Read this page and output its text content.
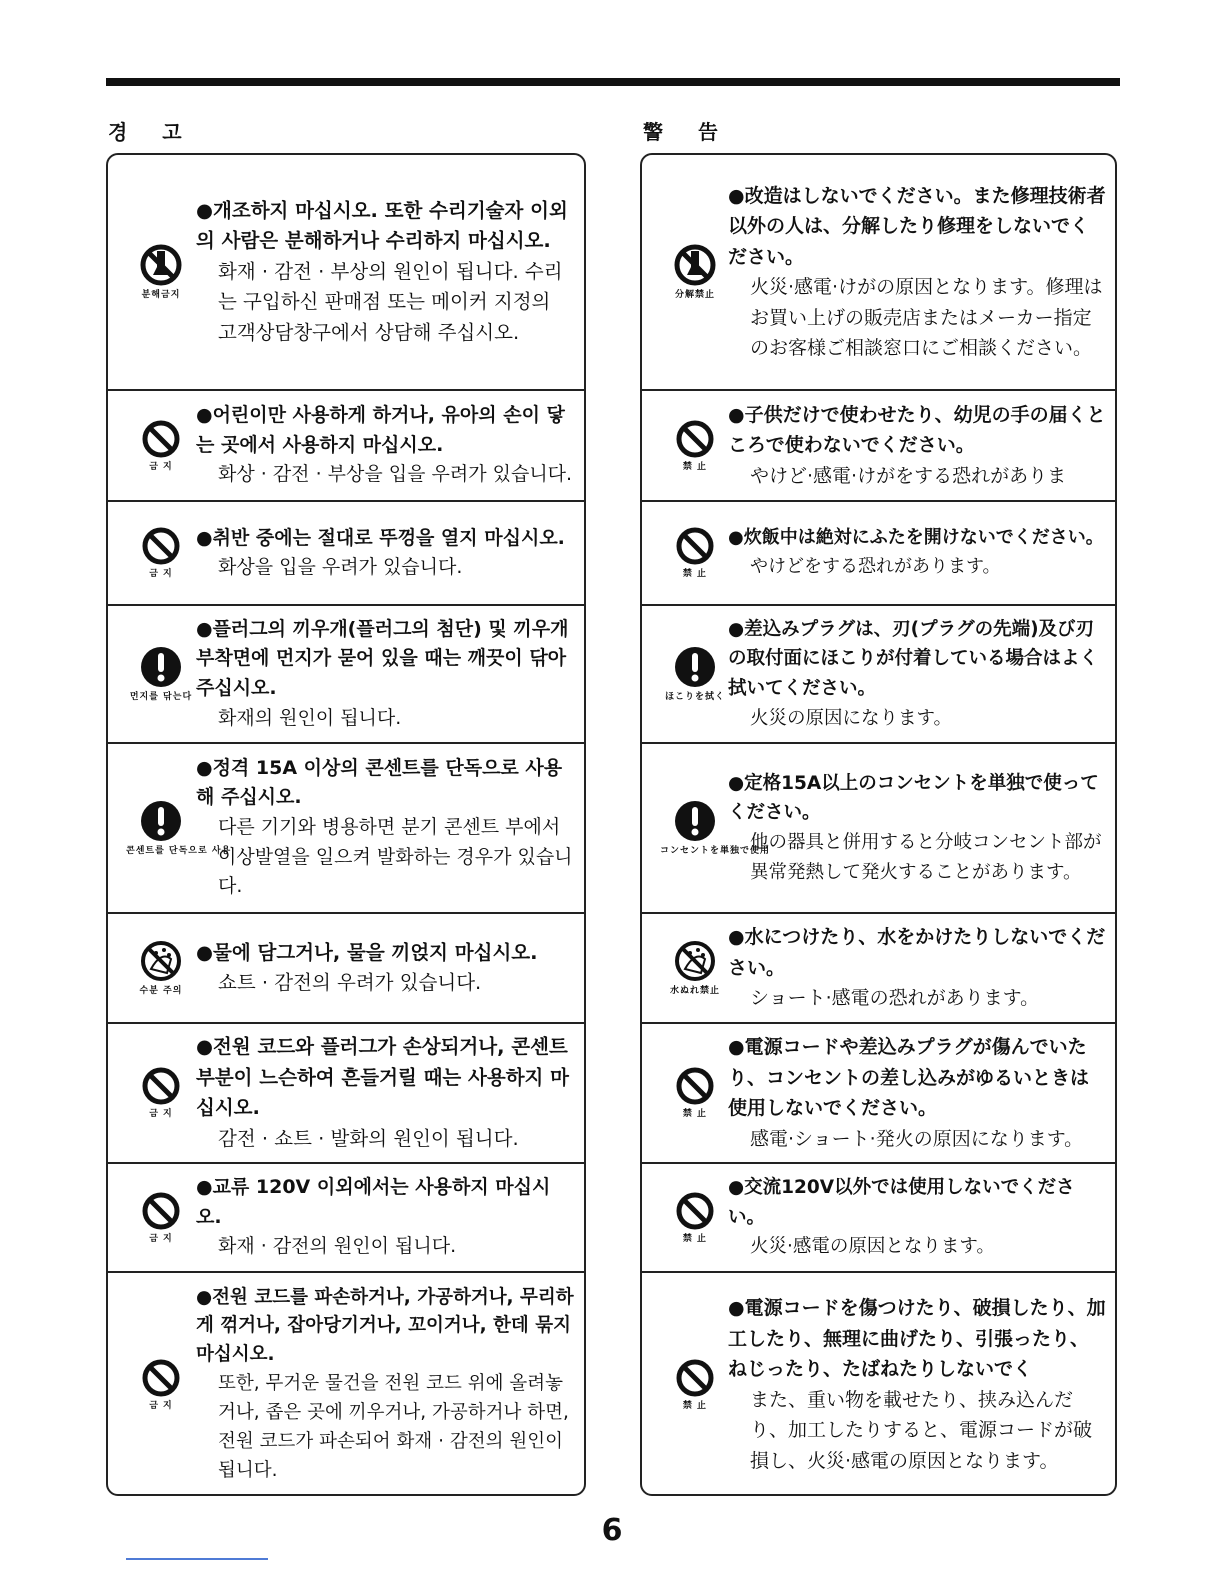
경 고	警 告
분해금지
●개조하지 마십시오. 또한 수리기술자 이외의 사람은 분해하거나 수리하지 마십시오.
화재 · 감전 · 부상의 원인이 됩니다. 수리는 구입하신 판매점 또는 메이커 지정의 고객상담창구에서 상담해 주십시오.
금 지
●어린이만 사용하게 하거나, 유아의 손이 닿는 곳에서 사용하지 마십시오.
화상 · 감전 · 부상을 입을 우려가 있습니다.
금 지
●취반 중에는 절대로 뚜껑을 열지 마십시오.
화상을 입을 우려가 있습니다.
먼지를 닦는다
●플러그의 끼우개(플러그의 첨단) 및 끼우개 부착면에 먼지가 묻어 있을 때는 깨끗이 닦아 주십시오.
화재의 원인이 됩니다.
콘센트를 단독으로 사용
●정격 15A 이상의 콘센트를 단독으로 사용해 주십시오.
다른 기기와 병용하면 분기 콘센트 부에서 이상발열을 일으켜 발화하는 경우가 있습니다.
수분 주의
●물에 담그거나, 물을 끼얹지 마십시오.
쇼트 · 감전의 우려가 있습니다.
금 지
●전원 코드와 플러그가 손상되거나, 콘센트 부분이 느슨하여 흔들거릴 때는 사용하지 마십시오.
감전 · 쇼트 · 발화의 원인이 됩니다.
금 지
●교류 120V 이외에서는 사용하지 마십시오.
화재 · 감전의 원인이 됩니다.
금 지
●전원 코드를 파손하거나, 가공하거나, 무리하게 꺾거나, 잡아당기거나, 꼬이거나, 한데 묶지 마십시오.
또한, 무거운 물건을 전원 코드 위에 올려놓거나, 좁은 곳에 끼우거나, 가공하거나 하면, 전원 코드가 파손되어 화재 · 감전의 원인이 됩니다.
分解禁止
●改造はしないでください。また修理技術者以外の人は、分解したり修理をしないでください。
火災·感電·けがの原因となります。修理はお買い上げの販売店またはメーカー指定のお客様ご相談窓口にご相談ください。
禁 止
●子供だけで使わせたり、幼児の手の届くところで使わないでください。
やけど·感電·けがをする恐れがありま
禁 止
●炊飯中は絶対にふたを開けないでください。
やけどをする恐れがあります。
ほこりを拭く
●差込みプラグは、刃(プラグの先端)及び刃の取付面にほこりが付着している場合はよく拭いてください。
火災の原因になります。
コンセントを単独で使用
●定格15A以上のコンセントを単独で使ってください。
他の器具と併用すると分岐コンセント部が異常発熱して発火することがあります。
水ぬれ禁止
●水につけたり、水をかけたりしないでください。
ショート·感電の恐れがあります。
禁 止
●電源コードや差込みプラグが傷んでいたり、コンセントの差し込みがゆるいときは使用しないでください。
感電·ショート·発火の原因になります。
禁 止
●交流120V以外では使用しないでください。
火災·感電の原因となります。
禁 止
●電源コードを傷つけたり、破損したり、加工したり、無理に曲げたり、引張ったり、ねじったり、たばねたりしないでく
また、重い物を載せたり、挟み込んだり、加工したりすると、電源コードが破損し、火災·感電の原因となります。
6
